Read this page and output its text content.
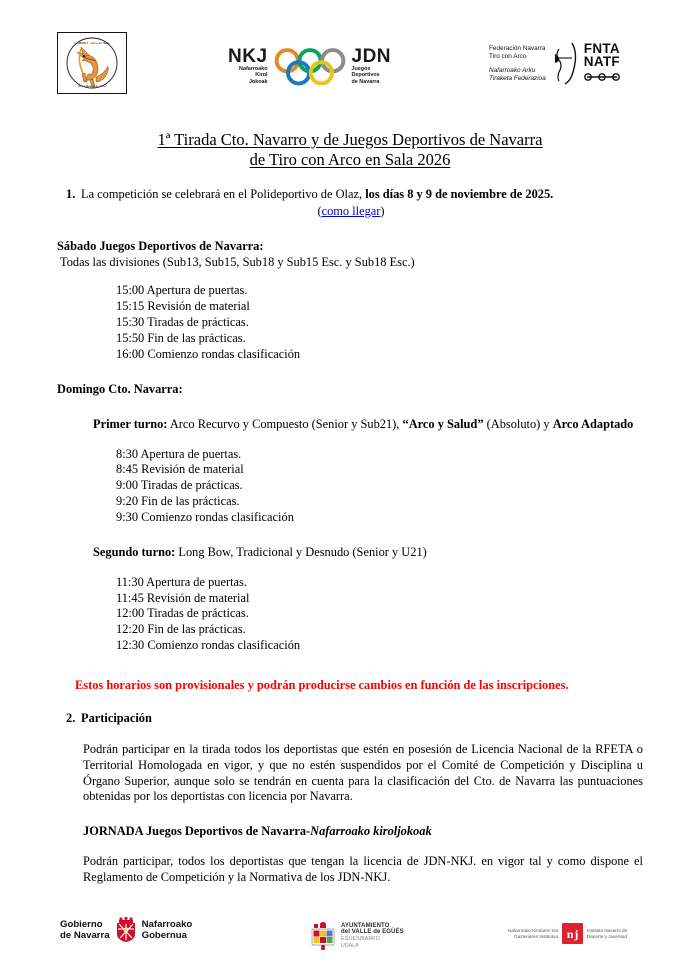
LAMIXET · Arco en Sala
Arco Navarra · Tiro
NKJ
Nafarroako
Kirol
Jokoak
JDN
Juegos
Deportivos
de Navarra
Federación Navarra
Tiro con Arco
Nafarroako Arku
Tiraketa Federazioa
FNTA
NATF
1ª Tirada Cto. Navarro y de Juegos Deportivos de Navarra
de Tiro con Arco en Sala 2026
1. La competición se celebrará en el Polideportivo de Olaz, los días 8 y 9 de noviembre de 2025.
(como llegar)
Sábado Juegos Deportivos de Navarra:
Todas las divisiones (Sub13, Sub15, Sub18 y Sub15 Esc. y Sub18 Esc.)
15:00 Apertura de puertas.
15:15 Revisión de material
15:30 Tiradas de prácticas.
15:50 Fin de las prácticas.
16:00 Comienzo rondas clasificación
Domingo Cto. Navarra:
Primer turno: Arco Recurvo y Compuesto (Senior y Sub21), “Arco y Salud” (Absoluto) y Arco Adaptado
8:30 Apertura de puertas.
8:45 Revisión de material
9:00 Tiradas de prácticas.
9:20 Fin de las prácticas.
9:30 Comienzo rondas clasificación
Segundo turno: Long Bow, Tradicional y Desnudo (Senior y U21)
11:30 Apertura de puertas.
11:45 Revisión de material
12:00 Tiradas de prácticas.
12:20 Fin de las prácticas.
12:30 Comienzo rondas clasificación
Estos horarios son provisionales y podrán producirse cambios en función de las inscripciones.
2. Participación
Podrán participar en la tirada todos los deportistas que estén en posesión de Licencia Nacional de la RFETA o Territorial Homologada en vigor, y que no estén suspendidos por el Comité de Competición y Disciplina u Órgano Superior, aunque solo se tendrán en cuenta para la clasificación del Cto. de Navarra las puntuaciones obtenidas por los deportistas con licencia por Navarra.
JORNADA Juegos Deportivos de Navarra-Nafarroako kiroljokoak
Podrán participar, todos los deportistas que tengan la licencia de JDN-NKJ. en vigor tal y como dispone el Reglamento de Competición y la Normativa de los JDN-NKJ.
Gobierno
de Navarra
Nafarroako
Gobernua
AYUNTAMIENTO
del VALLE de EGÜÉS
EGUESIBARKO
UDALA
Nafarroako Kirolaren eta
Gazteriaren Institutua n j Instituto Navarro de
Deporte y Juventud
